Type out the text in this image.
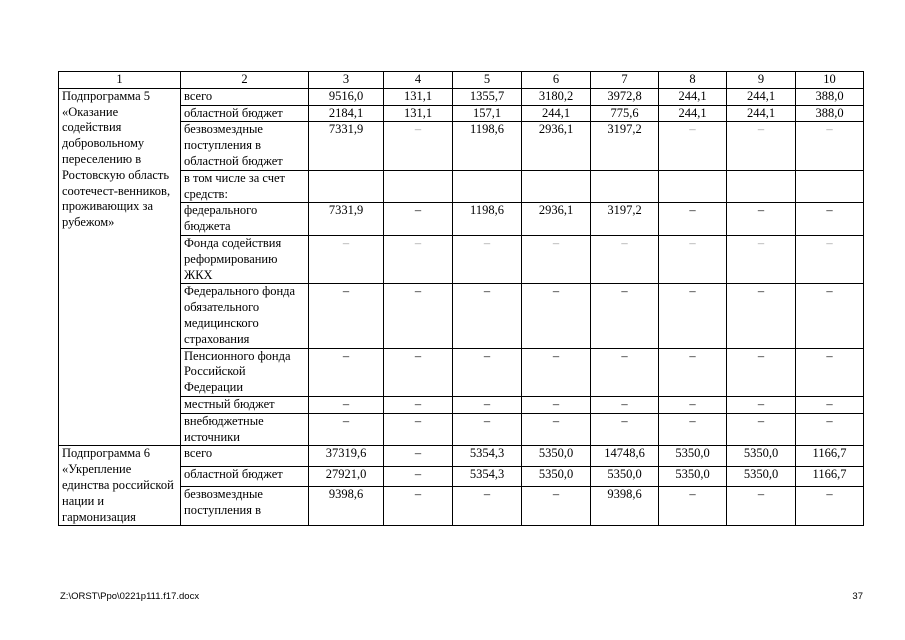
1	2	3	4	5	6	7	8	9	10
Подпрограмма 5 «Оказание содействия добровольному переселению в Ростовскую область соотечест-венников, проживающих за рубежом»	всего	9516,0	131,1	1355,7	3180,2	3972,8	244,1	244,1	388,0
	областной бюджет	2184,1	131,1	157,1	244,1	775,6	244,1	244,1	388,0
	безвозмездные поступления в областной бюджет	7331,9	–	1198,6	2936,1	3197,2	–	–	–
	в том числе за счет средств:								
	федерального бюджета	7331,9	–	1198,6	2936,1	3197,2	–	–	–
	Фонда содействия реформированию ЖКХ	–	–	–	–	–	–	–	–
	Федерального фонда обязательного медицинского страхования	–	–	–	–	–	–	–	–
	Пенсионного фонда Российской Федерации	–	–	–	–	–	–	–	–
	местный бюджет	–	–	–	–	–	–	–	–
	внебюджетные источники	–	–	–	–	–	–	–	–
Подпрограмма 6 «Укрепление единства российской нации и гармонизация	всего	37319,6	–	5354,3	5350,0	14748,6	5350,0	5350,0	1166,7
	областной бюджет	27921,0	–	5354,3	5350,0	5350,0	5350,0	5350,0	1166,7
	безвозмездные поступления в	9398,6	–	–	–	9398,6	–	–	–
Z:\ORST\Ppo\0221p111.f17.docx	37
